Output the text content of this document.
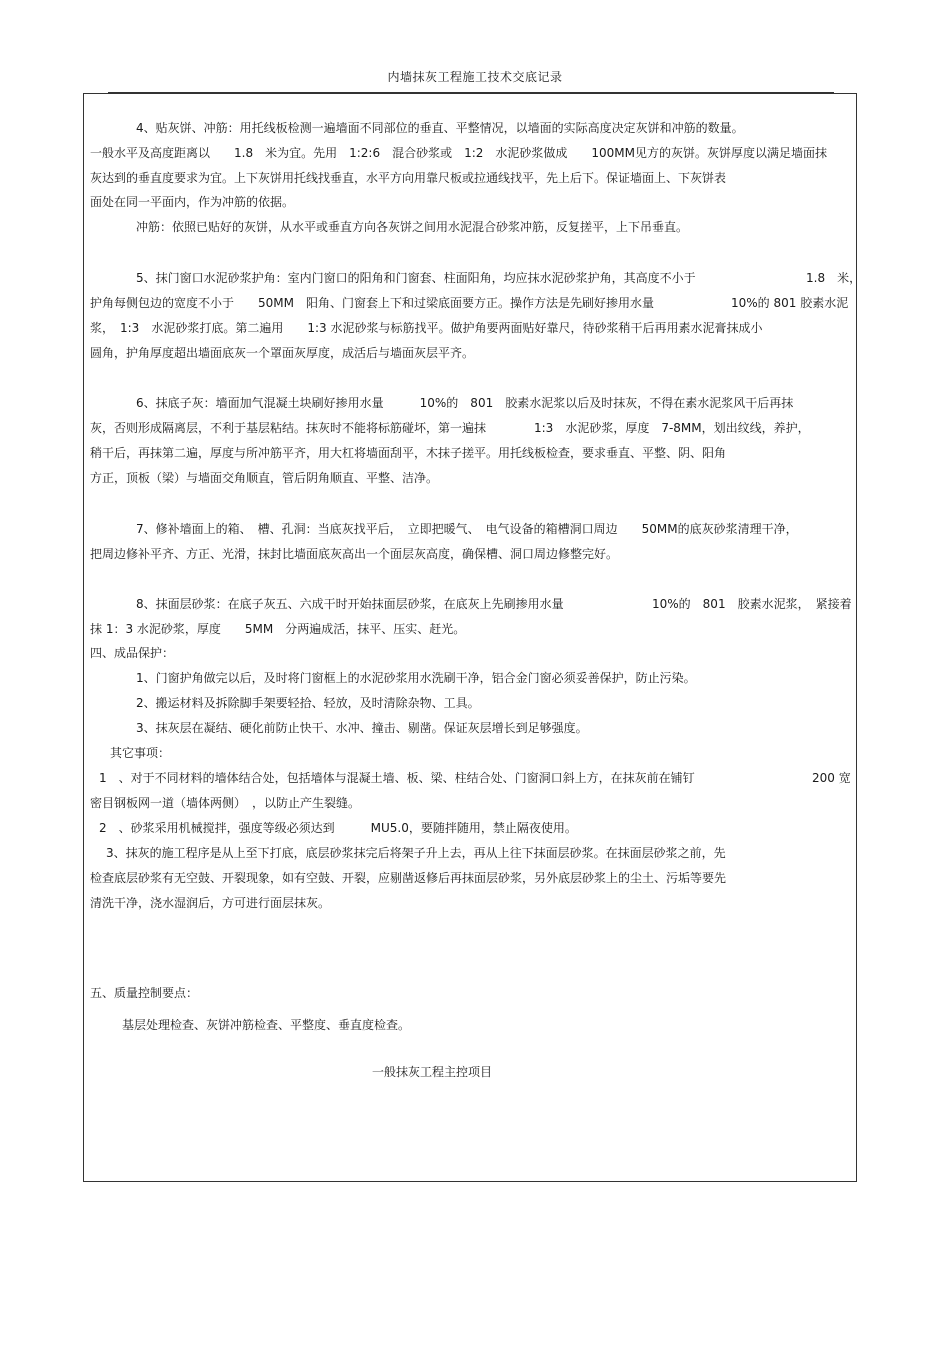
内墙抹灰工程施工技术交底记录
4、贴灰饼、冲筋：用托线板检测一遍墙面不同部位的垂直、平整情况，以墙面的实际高度决定灰饼和冲筋的数量。
一般水平及高度距离以　　1.8　米为宜。先用　1:2:6　混合砂浆或　1:2　水泥砂浆做成　　100MM见方的灰饼。灰饼厚度以满足墙面抹
灰达到的垂直度要求为宜。上下灰饼用托线找垂直，水平方向用靠尺板或拉通线找平，先上后下。保证墙面上、下灰饼表
面处在同一平面内，作为冲筋的依据。
冲筋：依照已贴好的灰饼，从水平或垂直方向各灰饼之间用水泥混合砂浆冲筋，反复搓平，上下吊垂直。
5、抹门窗口水泥砂浆护角：室内门窗口的阳角和门窗套、柱面阳角，均应抹水泥砂浆护角，其高度不小于	1.8　米，
护角每侧包边的宽度不小于　　50MM　阳角、门窗套上下和过梁底面要方正。操作方法是先刷好掺用水量	10%的 801 胶素水泥
浆，　1:3　水泥砂浆打底。第二遍用　　1:3 水泥砂浆与标筋找平。做护角要两面贴好靠尺，待砂浆稍干后再用素水泥膏抹成小
圆角，护角厚度超出墙面底灰一个罩面灰厚度，成活后与墙面灰层平齐。
6、抹底子灰：墙面加气混凝土块刷好掺用水量　　　10%的　801　胶素水泥浆以后及时抹灰，不得在素水泥浆风干后再抹
灰，否则形成隔离层，不利于基层粘结。抹灰时不能将标筋碰坏，第一遍抹　　　　1:3　水泥砂浆，厚度　7-8MM，划出纹线，养护，
稍干后，再抹第二遍，厚度与所冲筋平齐，用大杠将墙面刮平，木抹子搓平。用托线板检查，要求垂直、平整、阴、阳角
方正，顶板（梁）与墙面交角顺直，管后阴角顺直、平整、洁净。
7、修补墙面上的箱、　槽、孔洞：当底灰找平后，　立即把暖气、　电气设备的箱槽洞口周边　　50MM的底灰砂浆清理干净，
把周边修补平齐、方正、光滑，抹封比墙面底灰高出一个面层灰高度，确保槽、洞口周边修整完好。
8、抹面层砂浆：在底子灰五、六成干时开始抹面层砂浆，在底灰上先刷掺用水量	10%的　801　胶素水泥浆，　紧接着
抹 1：3 水泥砂浆，厚度　　5MM　分两遍成活，抹平、压实、赶光。
四、成品保护：
1、门窗护角做完以后，及时将门窗框上的水泥砂浆用水洗刷干净，铝合金门窗必须妥善保护，防止污染。
2、搬运材料及拆除脚手架要轻拾、轻放，及时清除杂物、工具。
3、抹灰层在凝结、硬化前防止快干、水冲、撞击、剔凿。保证灰层增长到足够强度。
其它事项：
1　、对于不同材料的墙体结合处，包括墙体与混凝土墙、板、梁、柱结合处、门窗洞口斜上方，在抹灰前在铺钉	200 宽
密目钢板网一道（墙体两侧）　，以防止产生裂缝。
2　、砂浆采用机械搅拌，强度等级必须达到　　　MU5.0，要随拌随用，禁止隔夜使用。
3、抹灰的施工程序是从上至下打底，底层砂浆抹完后将架子升上去，再从上往下抹面层砂浆。在抹面层砂浆之前，先
检查底层砂浆有无空鼓、开裂现象，如有空鼓、开裂，应剔凿返修后再抹面层砂浆，另外底层砂浆上的尘土、污垢等要先
清洗干净，浇水湿润后，方可进行面层抹灰。
五、质量控制要点：
基层处理检查、灰饼冲筋检查、平整度、垂直度检查。
一般抹灰工程主控项目
